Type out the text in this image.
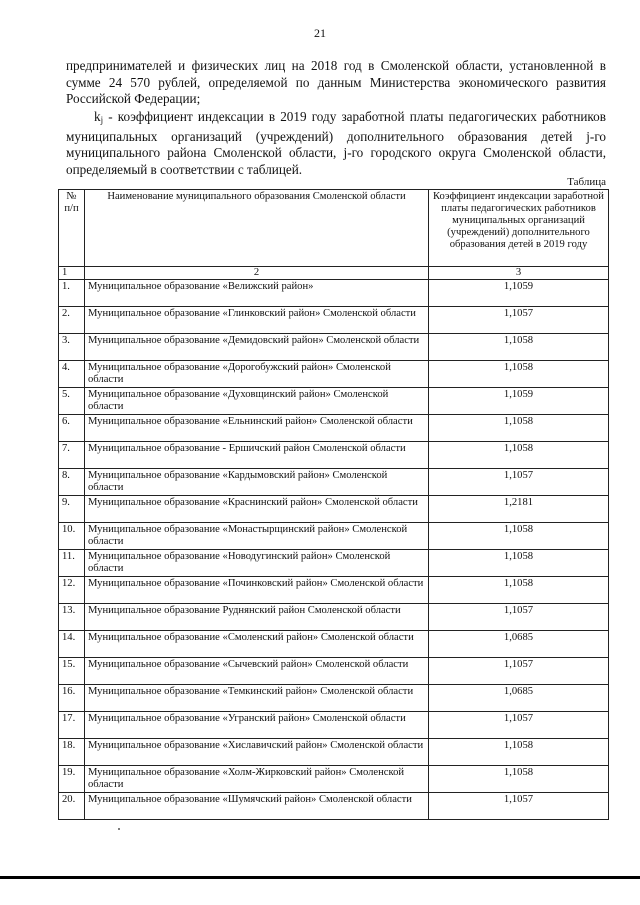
21
предпринимателей и физических лиц на 2018 год в Смоленской области, установленной в сумме 24 570 рублей, определяемой по данным Министерства экономического развития Российской Федерации;
$k_j$ - коэффициент индексации в 2019 году заработной платы педагогических работников муниципальных организаций (учреждений) дополнительного образования детей j-го муниципального района Смоленской области, j-го городского округа Смоленской области, определяемый в соответствии с таблицей.
Таблица
№ п/п	Наименование муниципального образования Смоленской области	Коэффициент индексации заработной платы педагогических работников муниципальных организаций (учреждений) дополнительного образования детей в 2019 году
1	2	3
1.	Муниципальное образование «Велижский район»	1,1059
2.	Муниципальное образование «Глинковский район» Смоленской области	1,1057
3.	Муниципальное образование «Демидовский район» Смоленской области	1,1058
4.	Муниципальное образование «Дорогобужский район» Смоленской области	1,1058
5.	Муниципальное образование «Духовщинский район» Смоленской области	1,1059
6.	Муниципальное образование «Ельнинский район» Смоленской области	1,1058
7.	Муниципальное образование - Ершичский район Смоленской области	1,1058
8.	Муниципальное образование «Кардымовский район» Смоленской области	1,1057
9.	Муниципальное образование «Краснинский район» Смоленской области	1,2181
10.	Муниципальное образование «Монастырщинский район» Смоленской области	1,1058
11.	Муниципальное образование «Новодугинский район» Смоленской области	1,1058
12.	Муниципальное образование «Починковский район» Смоленской области	1,1058
13.	Муниципальное образование Руднянский район Смоленской области	1,1057
14.	Муниципальное образование «Смоленский район» Смоленской области	1,0685
15.	Муниципальное образование «Сычевский район» Смоленской области	1,1057
16.	Муниципальное образование «Темкинский район» Смоленской области	1,0685
17.	Муниципальное образование «Угранский район» Смоленской области	1,1057
18.	Муниципальное образование «Хиславичский район» Смоленской области	1,1058
19.	Муниципальное образование «Холм-Жирковский район» Смоленской области	1,1058
20.	Муниципальное образование «Шумячский район» Смоленской области	1,1057
